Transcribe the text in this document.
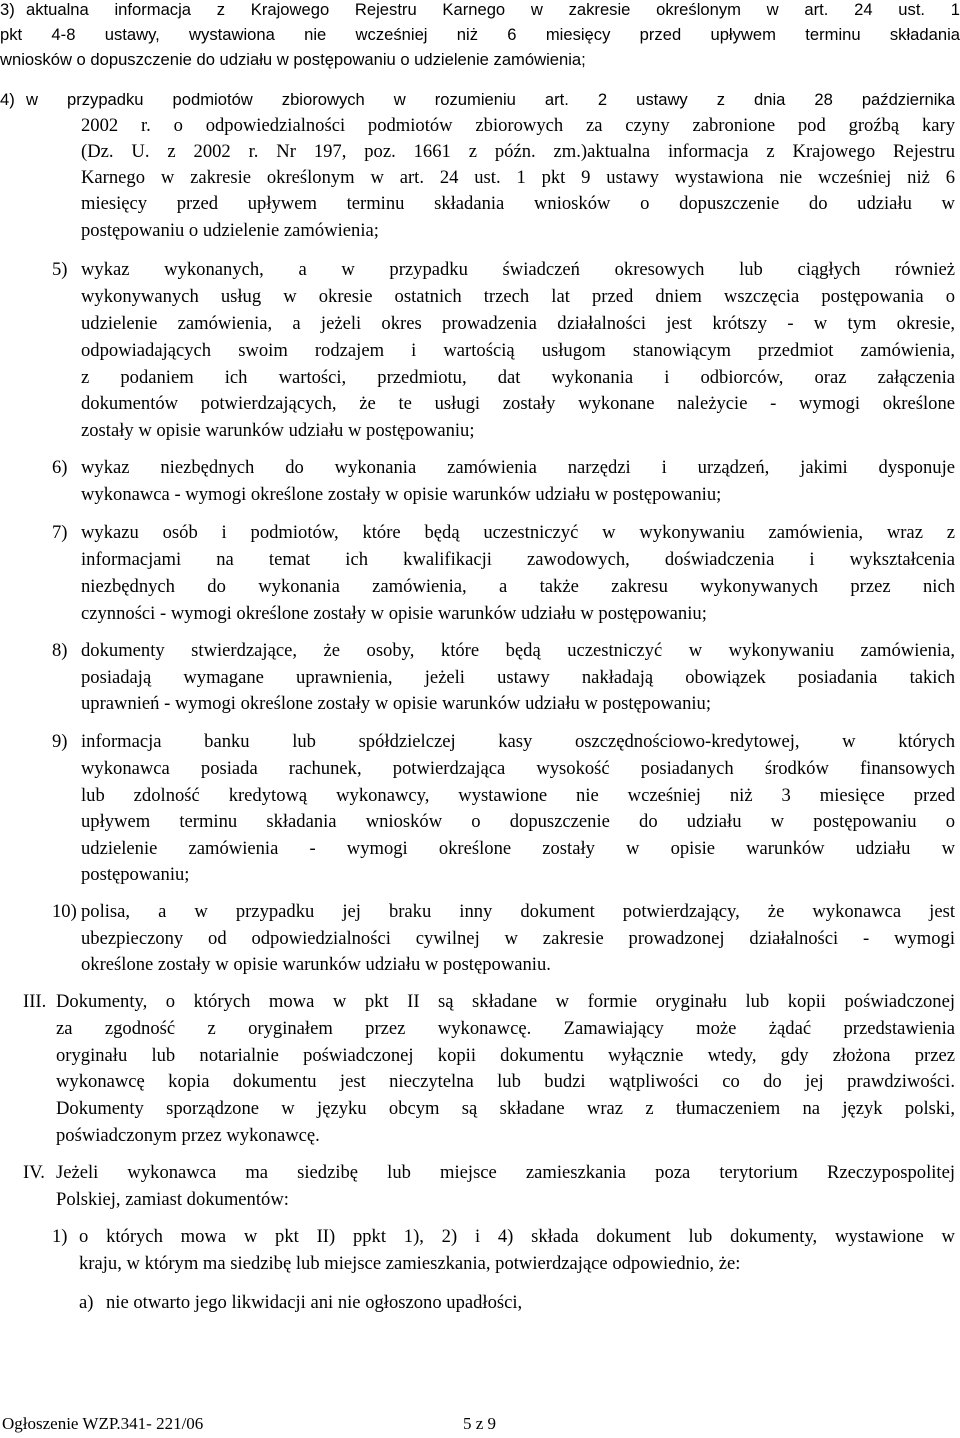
3) aktualna informacja z Krajowego Rejestru Karnego w zakresie określonym w art. 24 ust. 1
pkt 4-8 ustawy, wystawiona nie wcześniej niż 6 miesięcy przed upływem terminu składania
wniosków o dopuszczenie do udziału w postępowaniu o udzielenie zamówienia;
4) w przypadku podmiotów zbiorowych w rozumieniu art. 2 ustawy z dnia 28 października
2002 r. o odpowiedzialności podmiotów zbiorowych za czyny zabronione pod groźbą kary
(Dz. U. z 2002 r. Nr 197, poz. 1661 z późn. zm.)aktualna informacja z Krajowego Rejestru
Karnego w zakresie określonym w art. 24 ust. 1 pkt 9 ustawy wystawiona nie wcześniej niż 6
miesięcy przed upływem terminu składania wniosków o dopuszczenie do udziału w
postępowaniu o udzielenie zamówienia;
5) wykaz wykonanych, a w przypadku świadczeń okresowych lub ciągłych również
wykonywanych usług w okresie ostatnich trzech lat przed dniem wszczęcia postępowania o
udzielenie zamówienia, a jeżeli okres prowadzenia działalności jest krótszy - w tym okresie,
odpowiadających swoim rodzajem i wartością usługom stanowiącym przedmiot zamówienia,
z podaniem ich wartości, przedmiotu, dat wykonania i odbiorców, oraz załączenia
dokumentów potwierdzających, że te usługi zostały wykonane należycie - wymogi określone
zostały w opisie warunków udziału w postępowaniu;
6) wykaz niezbędnych do wykonania zamówienia narzędzi i urządzeń, jakimi dysponuje
wykonawca - wymogi określone zostały w opisie warunków udziału w postępowaniu;
7) wykazu osób i podmiotów, które będą uczestniczyć w wykonywaniu zamówienia, wraz z
informacjami na temat ich kwalifikacji zawodowych, doświadczenia i wykształcenia
niezbędnych do wykonania zamówienia, a także zakresu wykonywanych przez nich
czynności - wymogi określone zostały w opisie warunków udziału w postępowaniu;
8) dokumenty stwierdzające, że osoby, które będą uczestniczyć w wykonywaniu zamówienia,
posiadają wymagane uprawnienia, jeżeli ustawy nakładają obowiązek posiadania takich
uprawnień - wymogi określone zostały w opisie warunków udziału w postępowaniu;
9) informacja banku lub spółdzielczej kasy oszczędnościowo-kredytowej, w których
wykonawca posiada rachunek, potwierdzająca wysokość posiadanych środków finansowych
lub zdolność kredytową wykonawcy, wystawione nie wcześniej niż 3 miesięce przed
upływem terminu składania wniosków o dopuszczenie do udziału w postępowaniu o
udzielenie zamówienia - wymogi określone zostały w opisie warunków udziału w
postępowaniu;
10) polisa, a w przypadku jej braku inny dokument potwierdzający, że wykonawca jest
ubezpieczony od odpowiedzialności cywilnej w zakresie prowadzonej działalności - wymogi
określone zostały w opisie warunków udziału w postępowaniu.
III. Dokumenty, o których mowa w pkt II są składane w formie oryginału lub kopii poświadczonej
za zgodność z oryginałem przez wykonawcę. Zamawiający może żądać przedstawienia
oryginału lub notarialnie poświadczonej kopii dokumentu wyłącznie wtedy, gdy złożona przez
wykonawcę kopia dokumentu jest nieczytelna lub budzi wątpliwości co do jej prawdziwości.
Dokumenty sporządzone w języku obcym są składane wraz z tłumaczeniem na język polski,
poświadczonym przez wykonawcę.
IV. Jeżeli wykonawca ma siedzibę lub miejsce zamieszkania poza terytorium Rzeczypospolitej
Polskiej, zamiast dokumentów:
1) o których mowa w pkt II) ppkt 1), 2) i 4) składa dokument lub dokumenty, wystawione w
kraju, w którym ma siedzibę lub miejsce zamieszkania, potwierdzające odpowiednio, że:
a) nie otwarto jego likwidacji ani nie ogłoszono upadłości,
Ogłoszenie WZP.341- 221/06	5 z 9
